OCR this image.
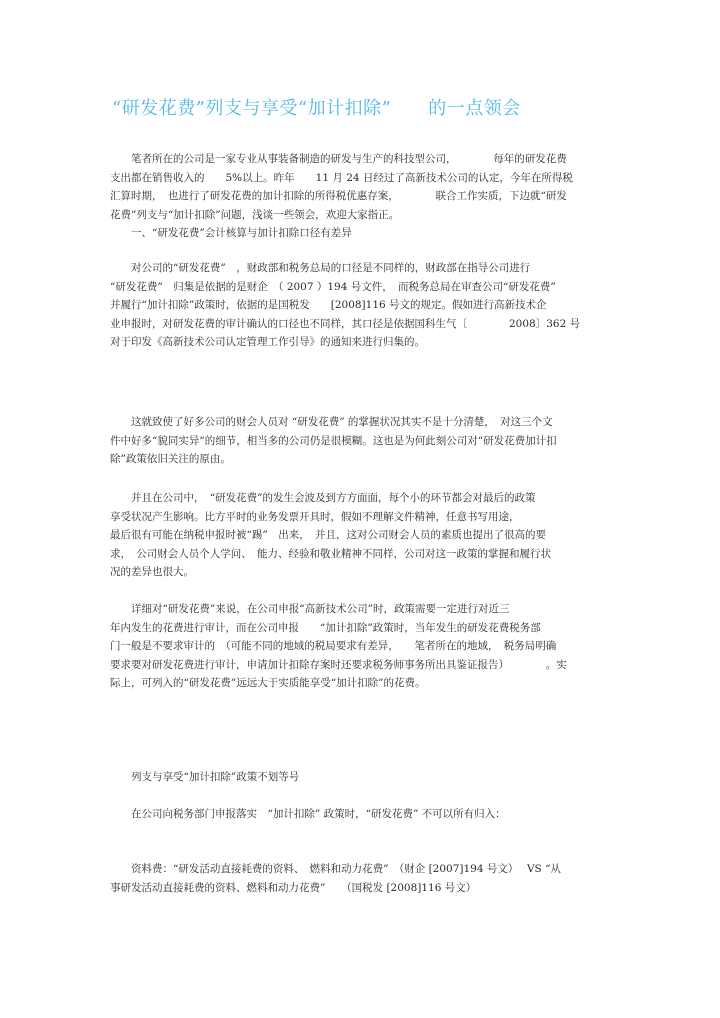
“研发花费”列支与享受“加计扣除”　　的一点领会
　　笔者所在的公司是一家专业从事装备制造的研发与生产的科技型公司，　　　　每年的研发花费
支出都在销售收入的　　5%以上。昨年　　11 月 24 日经过了高新技术公司的认定，今年在所得税
汇算时期，　也进行了研发花费的加计扣除的所得税优惠存案，　　　　联合工作实质，下边就“研发
花费”列支与“加计扣除”问题，浅谈一些领会，欢迎大家指正。
　　一、“研发花费”会计核算与加计扣除口径有差异
　　对公司的“研发花费”　，财政部和税务总局的口径是不同样的，财政部在指导公司进行
“研发花费”　归集是依据的是财企　（ 2007 ）194 号文件，　而税务总局在审查公司“研发花费”
并履行“加计扣除”政策时，依据的是国税发　　[2008]116 号文的规定。假如进行高新技术企
业申报时，对研发花费的审计确认的口径也不同样，其口径是依据国科生气〔　　　　2008〕362 号
对于印发《高新技术公司认定管理工作引导》的通知来进行归集的。
　　这就致使了好多公司的财会人员对 “研发花费” 的掌握状况其实不是十分清楚，　对这三个文
件中好多“貌同实异”的细节，相当多的公司仍是很模糊。这也是为何此刻公司对“研发花费加计扣
除”政策依旧关注的原由。
　　并且在公司中，　“研发花费”的发生会波及到方方面面，每个小的环节都会对最后的政策
享受状况产生影响。比方平时的业务发票开具时，假如不理解文件精神，任意书写用途，
最后很有可能在纳税申报时被“踢”　出来，　并且，这对公司财会人员的素质也提出了很高的要
求，　公司财会人员个人学问、　能力、经验和敬业精神不同样，公司对这一政策的掌握和履行状
况的差异也很大。
　　详细对“研发花费”来说，在公司申报“高新技术公司”时，政策需要一定进行对近三
年内发生的花费进行审计，而在公司申报　　“加计扣除”政策时，当年发生的研发花费税务部
门一般是不要求审计的　（可能不同的地域的税局要求有差异，　　笔者所在的地域，　税务局明确
要求要对研发花费进行审计，申请加计扣除存案时还要求税务师事务所出具鉴证报告）　　　　。实
际上，可列入的“研发花费”远远大于实质能享受“加计扣除”的花费。
　　列支与享受“加计扣除”政策不划等号
　　在公司向税务部门申报落实　“加计扣除” 政策时，“研发花费” 不可以所有归入：
　　资料费：“研发活动直接耗费的资料、　燃料和动力花费”　（财企 [2007]194 号文）　 VS “从
事研发活动直接耗费的资料、燃料和动力花费”　　（国税发 [2008]116 号文）
